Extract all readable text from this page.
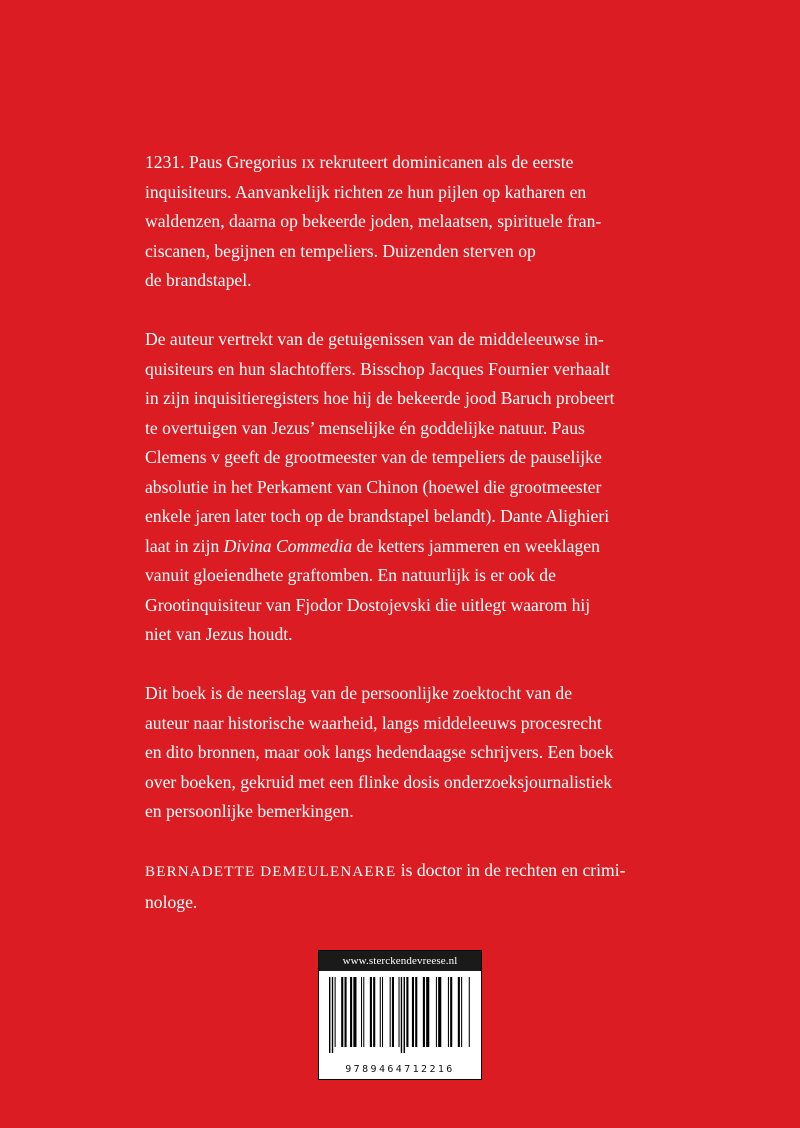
1231. Paus Gregorius ɪx rekruteert dominicanen als de eerste
inquisiteurs. Aanvankelijk richten ze hun pijlen op katharen en
waldenzen, daarna op bekeerde joden, melaatsen, spirituele fran-
ciscanen, begijnen en tempeliers. Duizenden sterven op
de brandstapel.

De auteur vertrekt van de getuigenissen van de middeleeuwse in-
quisiteurs en hun slachtoffers. Bisschop Jacques Fournier verhaalt
in zijn inquisitieregisters hoe hij de bekeerde jood Baruch probeert
te overtuigen van Jezus’ menselijke én goddelijke natuur. Paus
Clemens v geeft de grootmeester van de tempeliers de pauselijke
absolutie in het Perkament van Chinon (hoewel die grootmeester
enkele jaren later toch op de brandstapel belandt). Dante Alighieri
laat in zijn Divina Commedia de ketters jammeren en weeklagen
vanuit gloeiendhete graftomben. En natuurlijk is er ook de
Grootinquisiteur van Fjodor Dostojevski die uitlegt waarom hij
niet van Jezus houdt.

Dit boek is de neerslag van de persoonlijke zoektocht van de
auteur naar historische waarheid, langs middeleeuws procesrecht
en dito bronnen, maar ook langs hedendaagse schrijvers. Een boek
over boeken, gekruid met een flinke dosis onderzoeksjournalistiek
en persoonlijke bemerkingen.

BERNADETTE DEMEULENAERE is doctor in de rechten en crimi-
nologe.

www.sterckendevreese.nl
9789464712216
